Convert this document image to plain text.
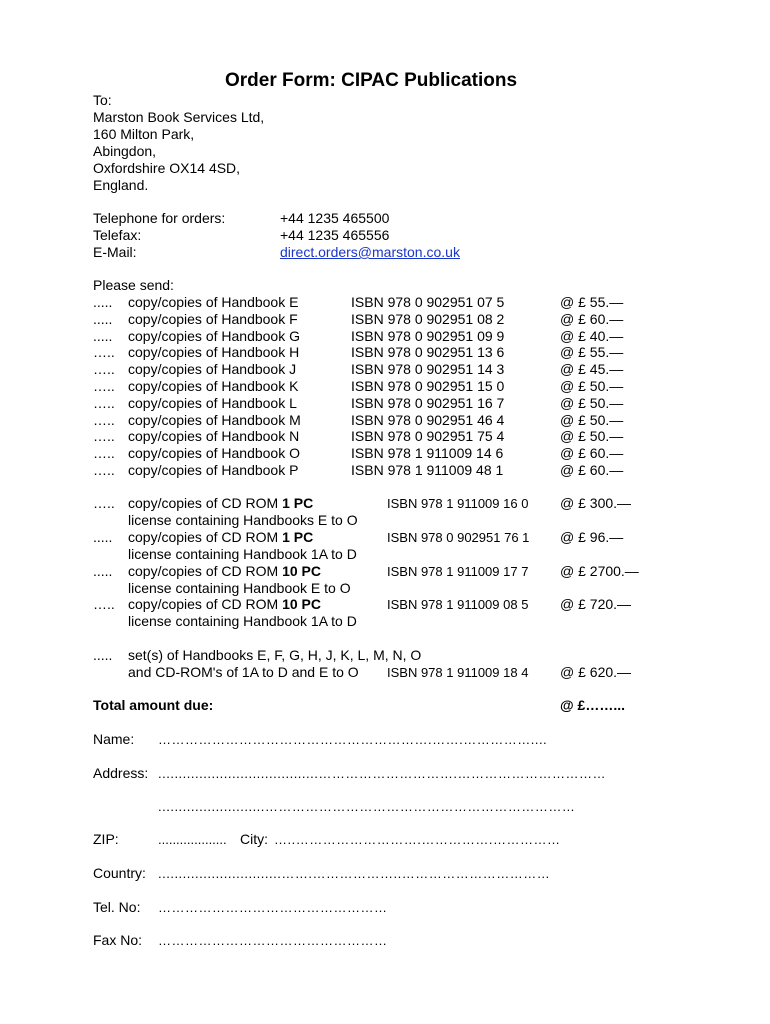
Order Form: CIPAC Publications
To:
Marston Book Services Ltd,
160 Milton Park,
Abingdon,
Oxfordshire OX14 4SD,
England.
Telephone for orders:	+44 1235 465500
Telefax:	+44 1235 465556
E-Mail:	direct.orders@marston.co.uk
Please send:
..... copy/copies of Handbook E	ISBN 978 0 902951 07 5	@ £ 55.—
..... copy/copies of Handbook F	ISBN 978 0 902951 08 2	@ £ 60.—
..... copy/copies of Handbook G	ISBN 978 0 902951 09 9	@ £ 40.—
….. copy/copies of Handbook H	ISBN 978 0 902951 13 6	@ £ 55.—
….. copy/copies of Handbook J	ISBN 978 0 902951 14 3	@ £ 45.—
….. copy/copies of Handbook K	ISBN 978 0 902951 15 0	@ £ 50.—
….. copy/copies of Handbook L	ISBN 978 0 902951 16 7	@ £ 50.—
….. copy/copies of Handbook M	ISBN 978 0 902951 46 4	@ £ 50.—
….. copy/copies of Handbook N	ISBN 978 0 902951 75 4	@ £ 50.—
….. copy/copies of Handbook O	ISBN 978 1 911009 14 6	@ £ 60.—
….. copy/copies of Handbook P	ISBN 978 1 911009 48 1	@ £ 60.—
….. copy/copies of CD ROM 1 PC
license containing Handbooks E to O
ISBN 978 1 911009 16 0 @ £ 300.—
..... copy/copies of CD ROM 1 PC
license containing Handbook 1A to D
ISBN 978 0 902951 76 1 @ £ 96.—
..... copy/copies of CD ROM 10 PC
license containing Handbook E to O
ISBN 978 1 911009 17 7 @ £ 2700.—
….. copy/copies of CD ROM 10 PC
license containing Handbook 1A to D
ISBN 978 1 911009 08 5 @ £ 720.—
..... set(s) of Handbooks E, F, G, H, J, K, L, M, N, O
and CD-ROM's of 1A to D and E to O ISBN 978 1 911009 18 4 @ £ 620.—
Total amount due:	@ £……...
Name: …………………………………………………….…….……………....
Address: .......................................………………………….……………………………
..........................……………………………………………………………
ZIP:	................... City: …..……………………….…………….……………
Country: ..............................…….………………..……………………………
Tel. No: ……………………………………………
Fax No: ……………………………………………
